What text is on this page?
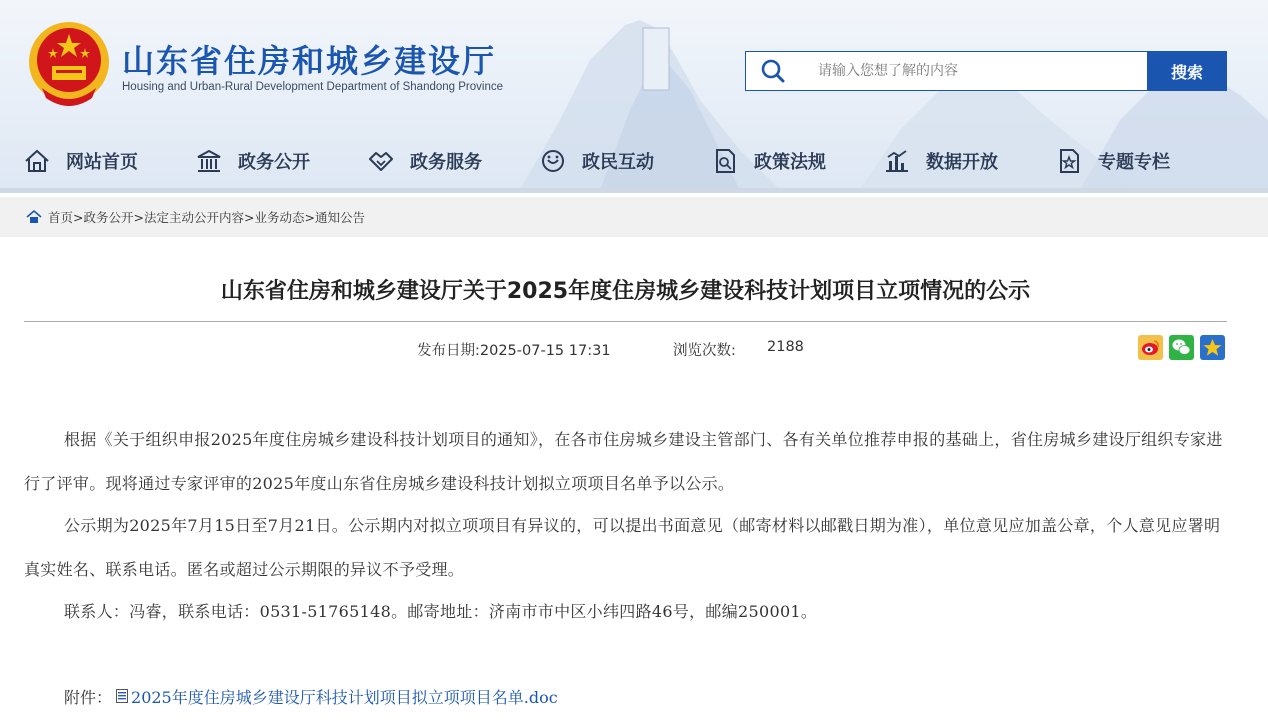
山东省住房和城乡建设厅
Housing and Urban-Rural Development Department of Shandong Province
请输入您想了解的内容
搜索
网站首页	政务公开	政务服务	政民互动	政策法规	数据开放	专题专栏
首页 > 政务公开 > 法定主动公开内容 > 业务动态 > 通知公告
山东省住房和城乡建设厅关于2025年度住房城乡建设科技计划项目立项情况的公示
发布日期:2025-07-15 17:31	浏览次数: 2188

根据《关于组织申报2025年度住房城乡建设科技计划项目的通知》，在各市住房城乡建设主管部门、各有关单位推荐申报的基础上，省住房城乡建设厅组织专家进行了评审。现将通过专家评审的2025年度山东省住房城乡建设科技计划拟立项项目名单予以公示。

公示期为2025年7月15日至7月21日。公示期内对拟立项项目有异议的，可以提出书面意见（邮寄材料以邮戳日期为准），单位意见应加盖公章，个人意见应署明真实姓名、联系电话。匿名或超过公示期限的异议不予受理。

联系人：冯睿，联系电话：0531-51765148。邮寄地址：济南市市中区小纬四路46号，邮编250001。

附件： 2025年度住房城乡建设厅科技计划项目拟立项项目名单.doc
